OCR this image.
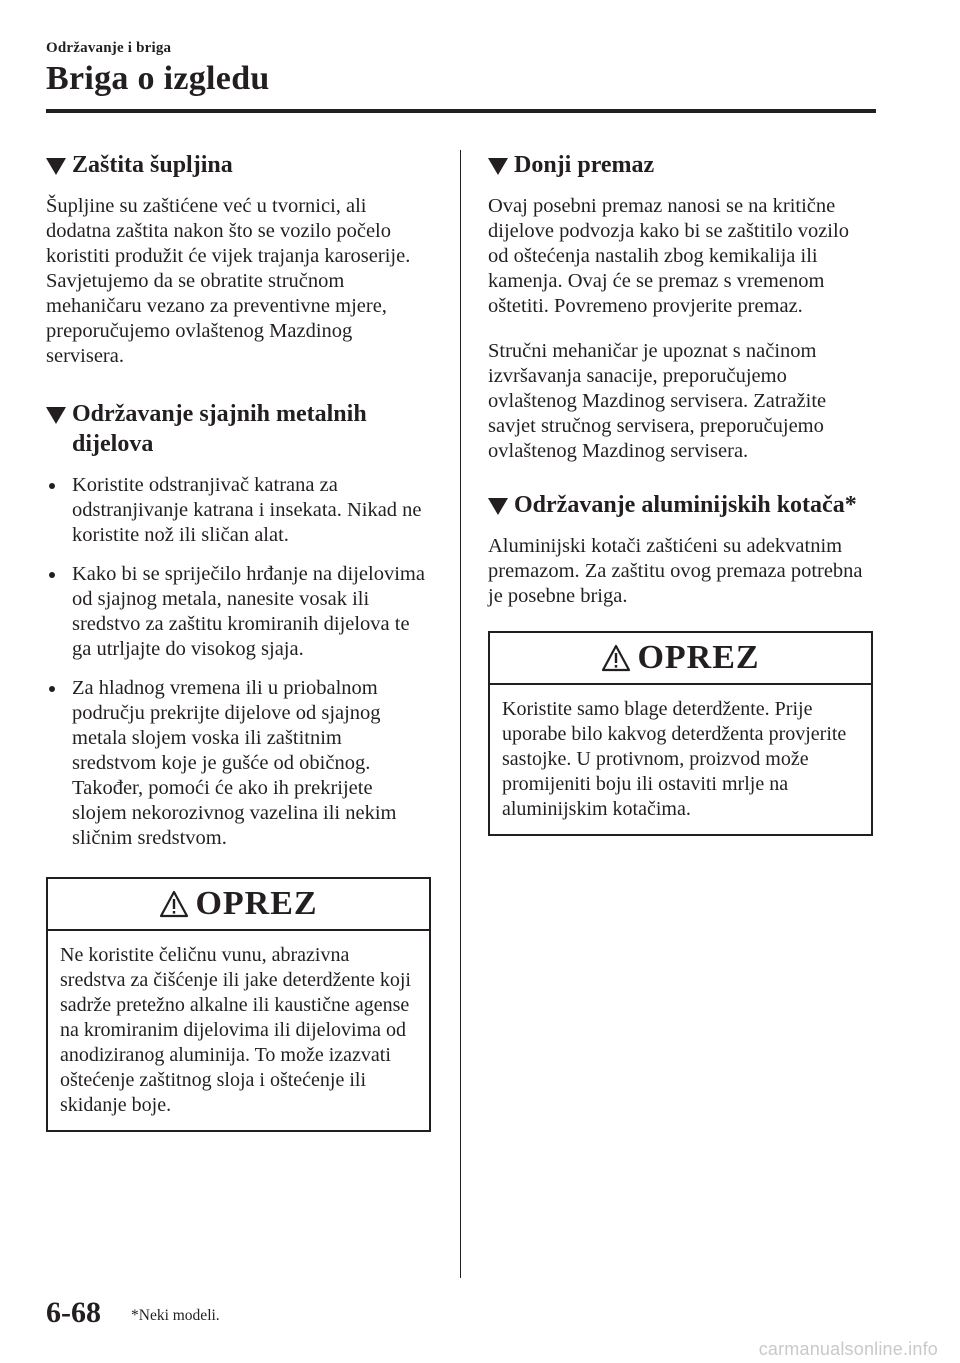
Održavanje i briga
Briga o izgledu
Zaštita šupljina

Šupljine su zaštićene već u tvornici, ali dodatna zaštita nakon što se vozilo počelo koristiti produžit će vijek trajanja karoserije. Savjetujemo da se obratite stručnom mehaničaru vezano za preventivne mjere, preporučujemo ovlaštenog Mazdinog servisera.

Održavanje sjajnih metalnih dijelova
Koristite odstranjivač katrana za odstranjivanje katrana i insekata. Nikad ne koristite nož ili sličan alat.
Kako bi se spriječilo hrđanje na dijelovima od sjajnog metala, nanesite vosak ili sredstvo za zaštitu kromiranih dijelova te ga utrljajte do visokog sjaja.
Za hladnog vremena ili u priobalnom području prekrijte dijelove od sjajnog metala slojem voska ili zaštitnim sredstvom koje je gušće od običnog. Također, pomoći će ako ih prekrijete slojem nekorozivnog vazelina ili nekim sličnim sredstvom.
OPREZ
Ne koristite čeličnu vunu, abrazivna sredstva za čišćenje ili jake deterdžente koji sadrže pretežno alkalne ili kaustične agense na kromiranim dijelovima ili dijelovima od anodiziranog aluminija. To može izazvati oštećenje zaštitnog sloja i oštećenje ili skidanje boje.
Donji premaz

Ovaj posebni premaz nanosi se na kritične dijelove podvozja kako bi se zaštitilo vozilo od oštećenja nastalih zbog kemikalija ili kamenja. Ovaj će se premaz s vremenom oštetiti. Povremeno provjerite premaz.

Stručni mehaničar je upoznat s načinom izvršavanja sanacije, preporučujemo ovlaštenog Mazdinog servisera. Zatražite savjet stručnog servisera, preporučujemo ovlaštenog Mazdinog servisera.

Održavanje aluminijskih kotača*

Aluminijski kotači zaštićeni su adekvatnim premazom. Za zaštitu ovog premaza potrebna je posebne briga.

OPREZ
Koristite samo blage deterdžente. Prije uporabe bilo kakvog deterdženta provjerite sastojke. U protivnom, proizvod može promijeniti boju ili ostaviti mrlje na aluminijskim kotačima.
6-68 *Neki modeli.
carmanualsonline.info
